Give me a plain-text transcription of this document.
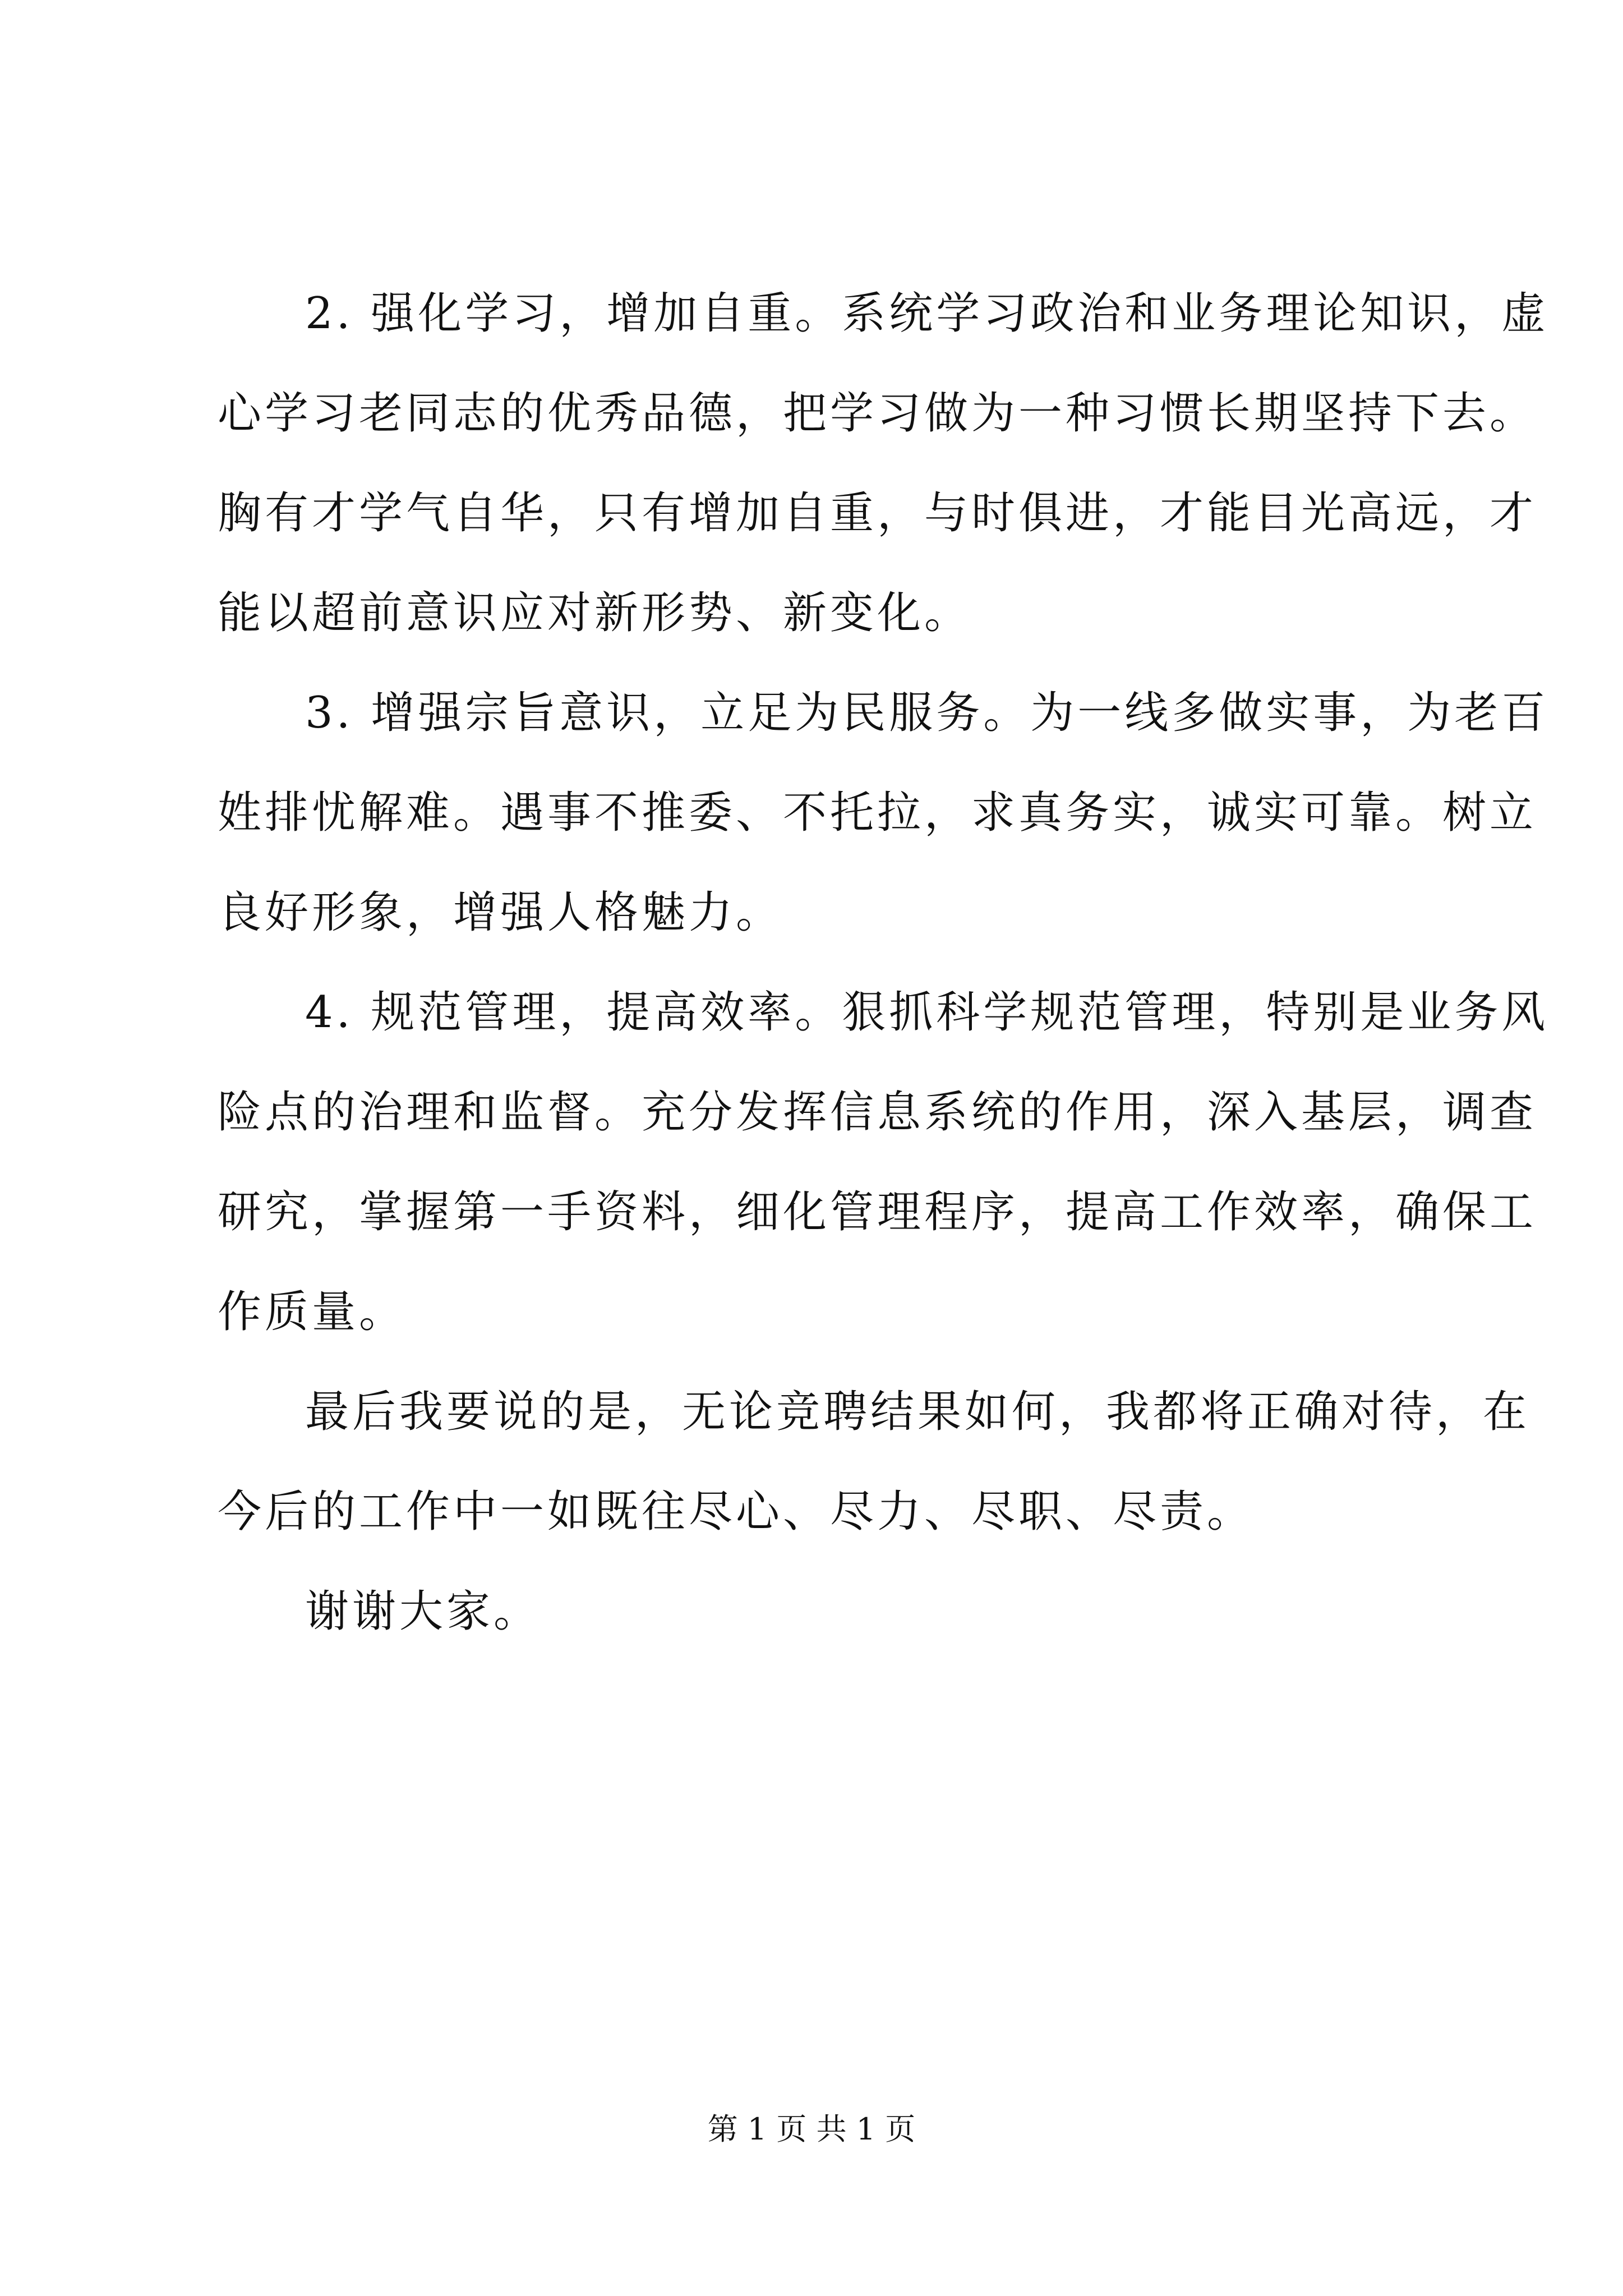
2. 强化学习，增加自重。系统学习政治和业务理论知识，虚
心学习老同志的优秀品德，把学习做为一种习惯长期坚持下去。
胸有才学气自华，只有增加自重，与时俱进，才能目光高远，才
能以超前意识应对新形势、新变化。
3. 增强宗旨意识，立足为民服务。为一线多做实事，为老百
姓排忧解难。遇事不推委、不托拉，求真务实，诚实可靠。树立
良好形象，增强人格魅力。
4. 规范管理，提高效率。狠抓科学规范管理，特别是业务风
险点的治理和监督。充分发挥信息系统的作用，深入基层，调查
研究，掌握第一手资料，细化管理程序，提高工作效率，确保工
作质量。
最后我要说的是，无论竞聘结果如何，我都将正确对待，在
今后的工作中一如既往尽心、尽力、尽职、尽责。
谢谢大家。
第 1 页 共 1 页
